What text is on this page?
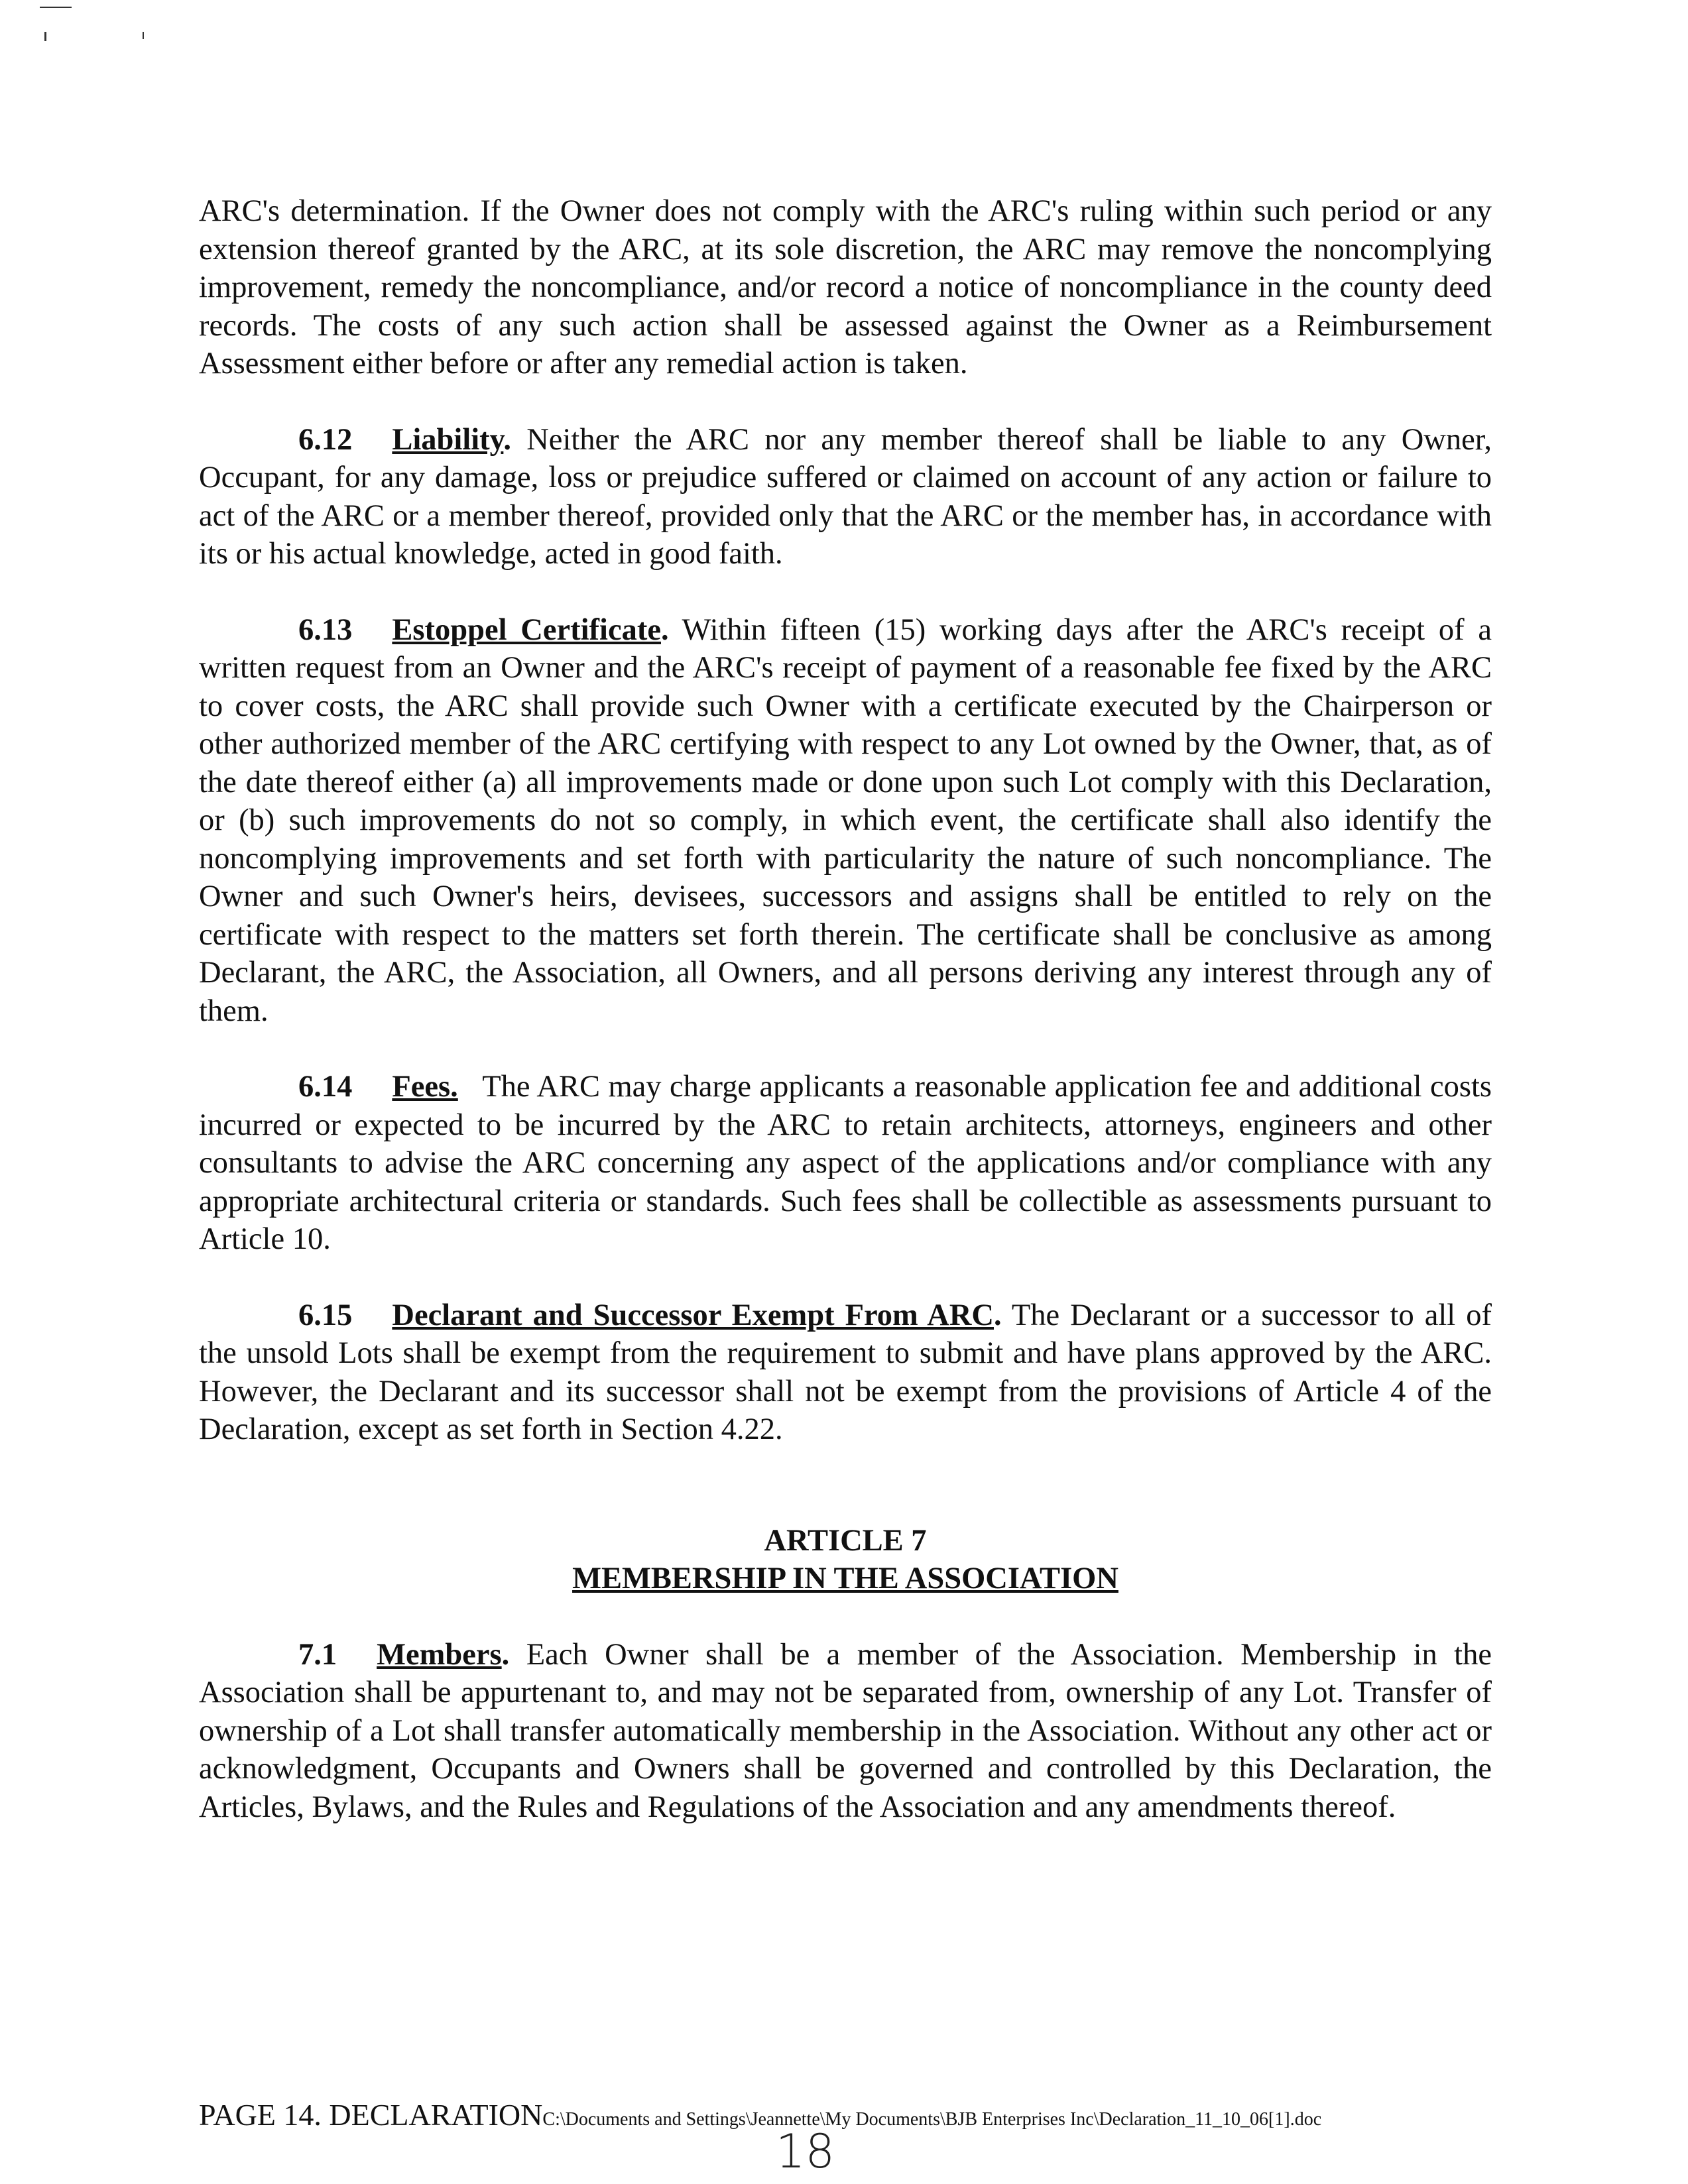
ARC's determination. If the Owner does not comply with the ARC's ruling within such period or any extension thereof granted by the ARC, at its sole discretion, the ARC may remove the noncomplying improvement, remedy the noncompliance, and/or record a notice of noncompliance in the county deed records. The costs of any such action shall be assessed against the Owner as a Reimbursement Assessment either before or after any remedial action is taken.

6.12 Liability. Neither the ARC nor any member thereof shall be liable to any Owner, Occupant, for any damage, loss or prejudice suffered or claimed on account of any action or failure to act of the ARC or a member thereof, provided only that the ARC or the member has, in accordance with its or his actual knowledge, acted in good faith.

6.13 Estoppel Certificate. Within fifteen (15) working days after the ARC's receipt of a written request from an Owner and the ARC's receipt of payment of a reasonable fee fixed by the ARC to cover costs, the ARC shall provide such Owner with a certificate executed by the Chairperson or other authorized member of the ARC certifying with respect to any Lot owned by the Owner, that, as of the date thereof either (a) all improvements made or done upon such Lot comply with this Declaration, or (b) such improvements do not so comply, in which event, the certificate shall also identify the noncomplying improvements and set forth with particularity the nature of such noncompliance. The Owner and such Owner's heirs, devisees, successors and assigns shall be entitled to rely on the certificate with respect to the matters set forth therein. The certificate shall be conclusive as among Declarant, the ARC, the Association, all Owners, and all persons deriving any interest through any of them.

6.14 Fees. The ARC may charge applicants a reasonable application fee and additional costs incurred or expected to be incurred by the ARC to retain architects, attorneys, engineers and other consultants to advise the ARC concerning any aspect of the applications and/or compliance with any appropriate architectural criteria or standards. Such fees shall be collectible as assessments pursuant to Article 10.

6.15 Declarant and Successor Exempt From ARC. The Declarant or a successor to all of the unsold Lots shall be exempt from the requirement to submit and have plans approved by the ARC. However, the Declarant and its successor shall not be exempt from the provisions of Article 4 of the Declaration, except as set forth in Section 4.22.

ARTICLE 7
MEMBERSHIP IN THE ASSOCIATION

7.1 Members. Each Owner shall be a member of the Association. Membership in the Association shall be appurtenant to, and may not be separated from, ownership of any Lot. Transfer of ownership of a Lot shall transfer automatically membership in the Association. Without any other act or acknowledgment, Occupants and Owners shall be governed and controlled by this Declaration, the Articles, Bylaws, and the Rules and Regulations of the Association and any amendments thereof.

PAGE 14. DECLARATIONC:\Documents and Settings\Jeannette\My Documents\BJB Enterprises Inc\Declaration_11_10_06[1].doc
18
